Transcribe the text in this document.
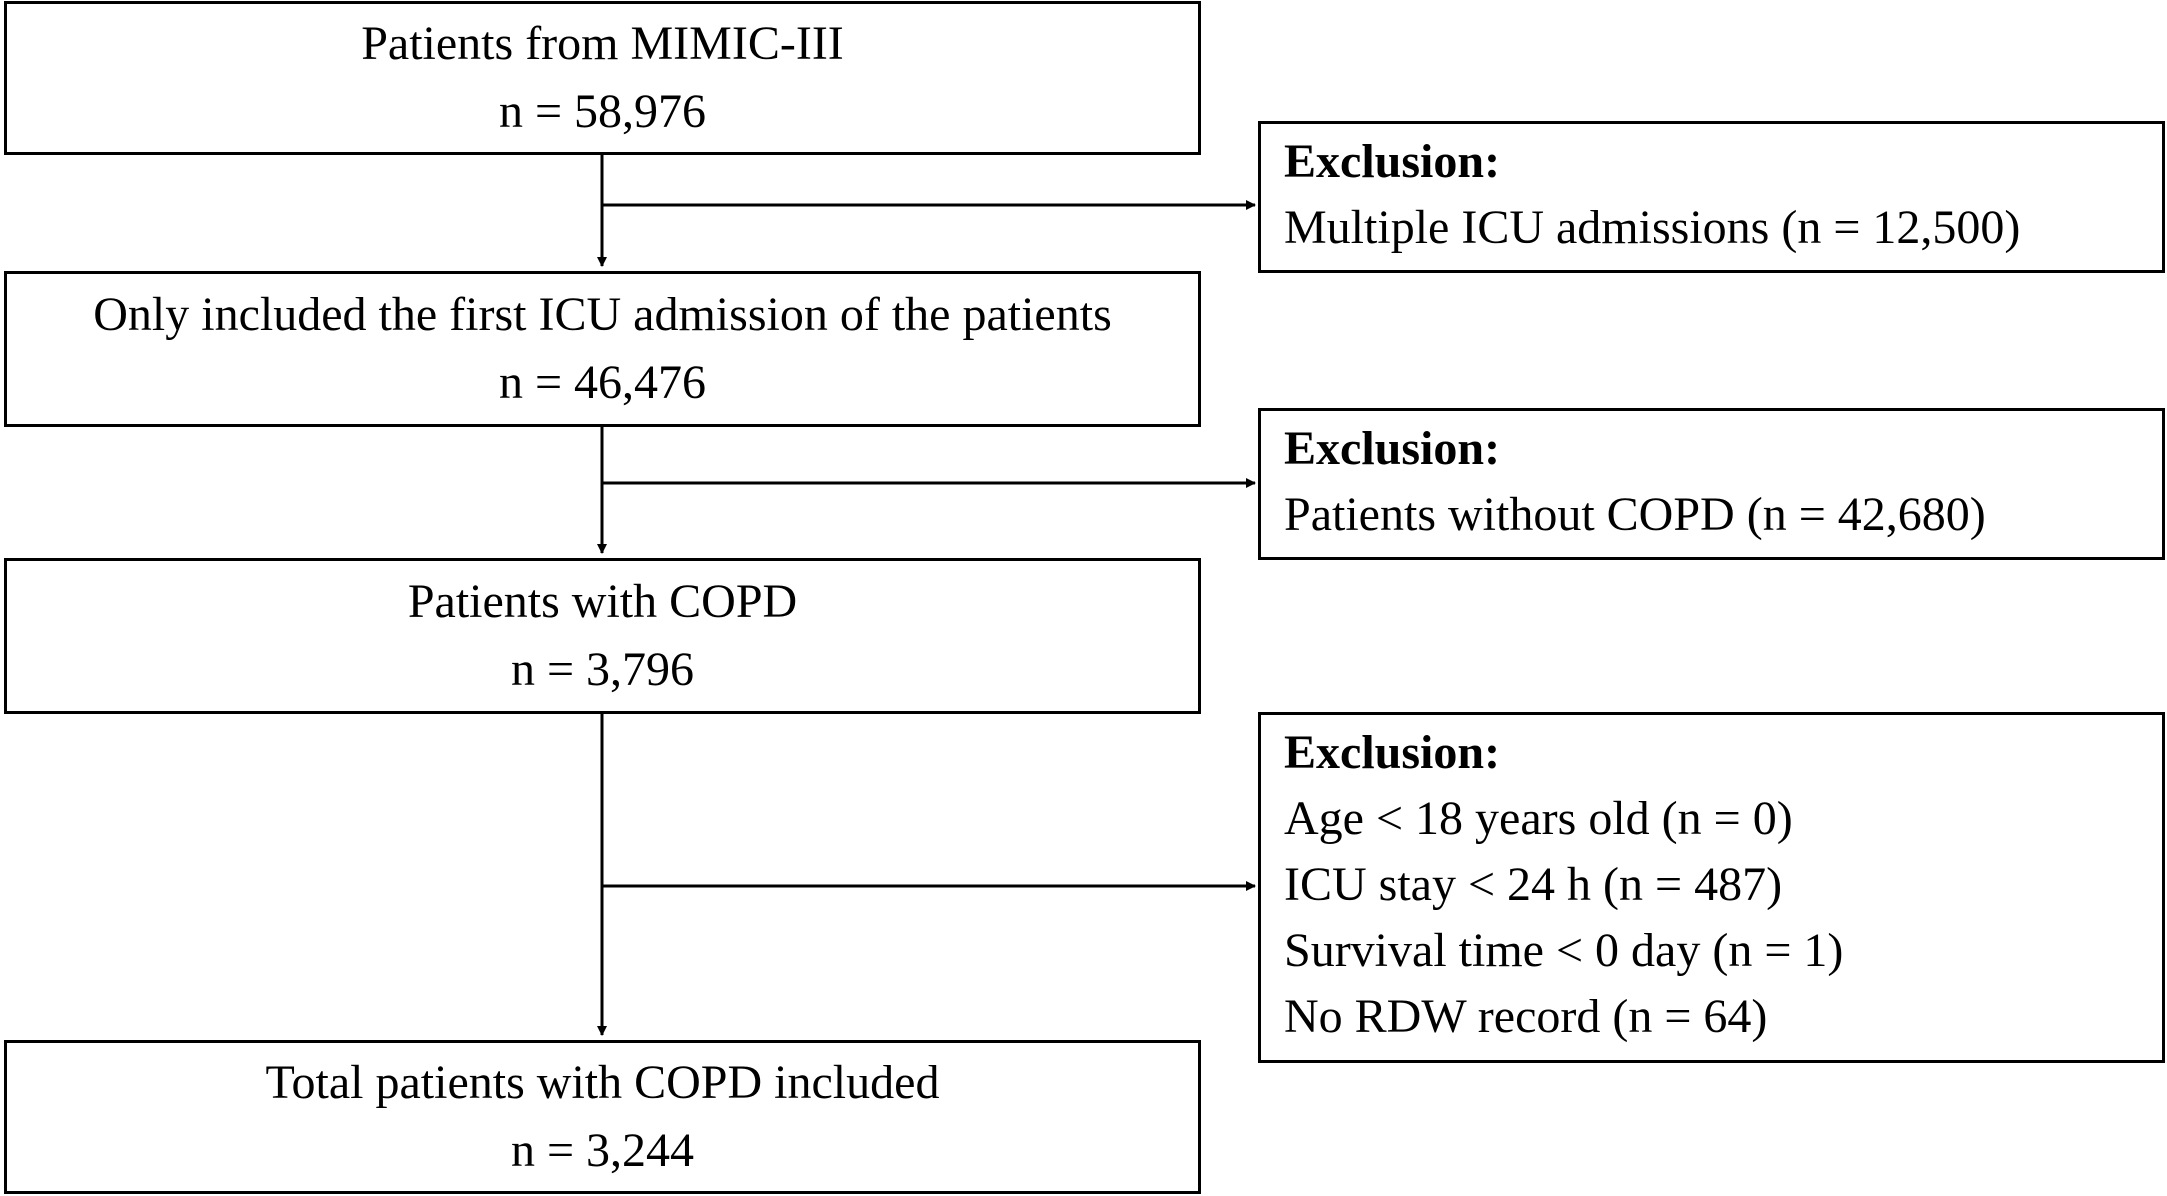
Patients from MIMIC-III
n = 58,976
Only included the first ICU admission of the patients
n = 46,476
Patients with COPD
n = 3,796
Total patients with COPD included
n = 3,244
Exclusion:
Multiple ICU admissions (n = 12,500)
Exclusion:
Patients without COPD (n = 42,680)
Exclusion:
Age < 18 years old (n = 0)
ICU stay < 24 h (n = 487)
Survival time < 0 day (n = 1)
No RDW record (n = 64)
